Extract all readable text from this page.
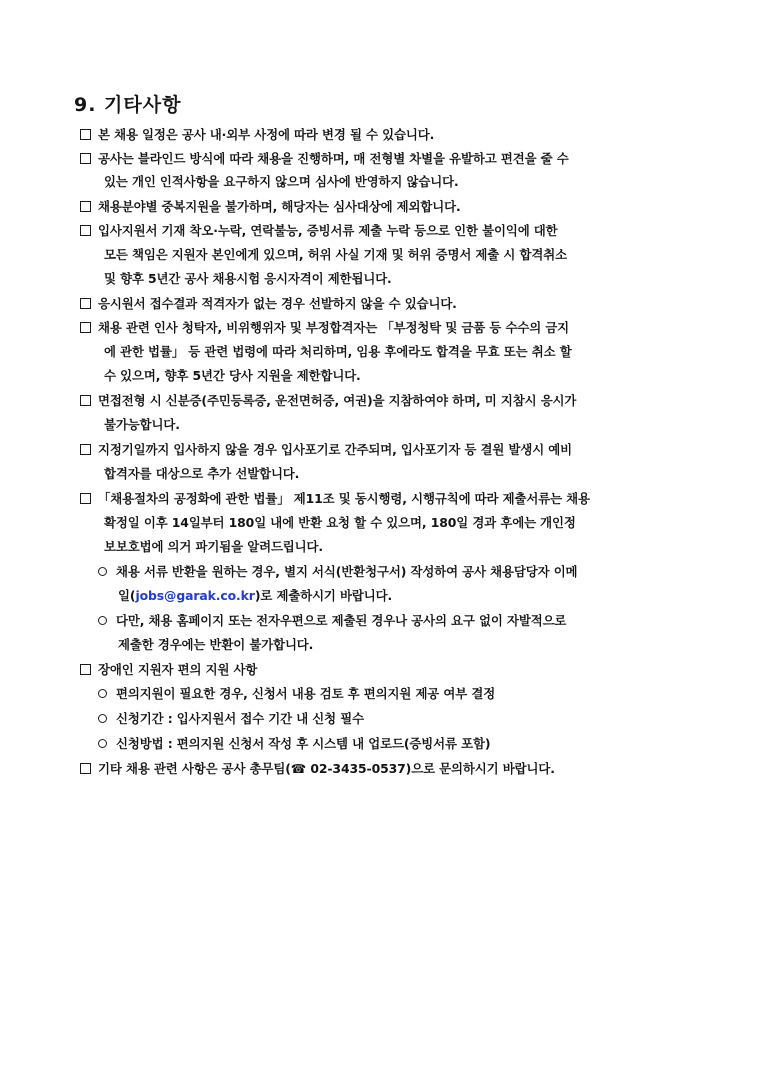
9. 기타사항
본 채용 일정은 공사 내·외부 사정에 따라 변경 될 수 있습니다.
공사는 블라인드 방식에 따라 채용을 진행하며, 매 전형별 차별을 유발하고 편견을 줄 수
있는 개인 인적사항을 요구하지 않으며 심사에 반영하지 않습니다.
채용분야별 중복지원을 불가하며, 해당자는 심사대상에 제외합니다.
입사지원서 기재 착오·누락, 연락불능, 증빙서류 제출 누락 등으로 인한 불이익에 대한
모든 책임은 지원자 본인에게 있으며, 허위 사실 기재 및 허위 증명서 제출 시 합격취소
및 향후 5년간 공사 채용시험 응시자격이 제한됩니다.
응시원서 접수결과 적격자가 없는 경우 선발하지 않을 수 있습니다.
채용 관련 인사 청탁자, 비위행위자 및 부정합격자는 「부정청탁 및 금품 등 수수의 금지
에 관한 법률」 등 관련 법령에 따라 처리하며, 임용 후에라도 합격을 무효 또는 취소 할
수 있으며, 향후 5년간 당사 지원을 제한합니다.
면접전형 시 신분증(주민등록증, 운전면허증, 여권)을 지참하여야 하며, 미 지참시 응시가
불가능합니다.
지정기일까지 입사하지 않을 경우 입사포기로 간주되며, 입사포기자 등 결원 발생시 예비
합격자를 대상으로 추가 선발합니다.
「채용절차의 공정화에 관한 법률」 제11조 및 동시행령, 시행규칙에 따라 제출서류는 채용
확정일 이후 14일부터 180일 내에 반환 요청 할 수 있으며, 180일 경과 후에는 개인정
보보호법에 의거 파기됨을 알려드립니다.
채용 서류 반환을 원하는 경우, 별지 서식(반환청구서) 작성하여 공사 채용담당자 이메
일(jobs@garak.co.kr)로 제출하시기 바랍니다.
다만, 채용 홈페이지 또는 전자우편으로 제출된 경우나 공사의 요구 없이 자발적으로
제출한 경우에는 반환이 불가합니다.
장애인 지원자 편의 지원 사항
편의지원이 필요한 경우, 신청서 내용 검토 후 편의지원 제공 여부 결정
신청기간 : 입사지원서 접수 기간 내 신청 필수
신청방법 : 편의지원 신청서 작성 후 시스템 내 업로드(증빙서류 포함)
기타 채용 관련 사항은 공사 총무팀(☎ 02-3435-0537)으로 문의하시기 바랍니다.
